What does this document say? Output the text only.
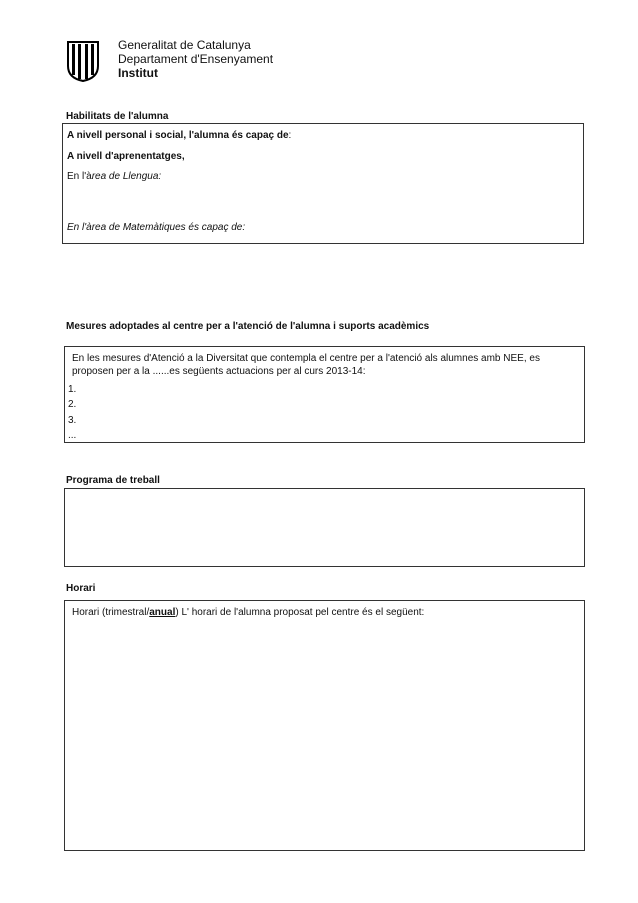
Generalitat de Catalunya
Departament d'Ensenyament
Institut
Habilitats de l'alumna
A nivell personal i social, l'alumna és capaç de:
A nivell d'aprenentatges,
En l'àrea de Llengua:
En l'àrea de Matemàtiques és capaç de:
Mesures adoptades al centre per a l'atenció de l'alumna i suports acadèmics
En les mesures d'Atenció a la Diversitat que contempla el centre per a l'atenció als alumnes amb NEE, es
proposen per a la ......es següents actuacions per al curs 2013-14:
1.
2.
3.
...
Programa de treball
Horari
Horari (trimestral/anual) L' horari de l'alumna proposat pel centre és el següent:
